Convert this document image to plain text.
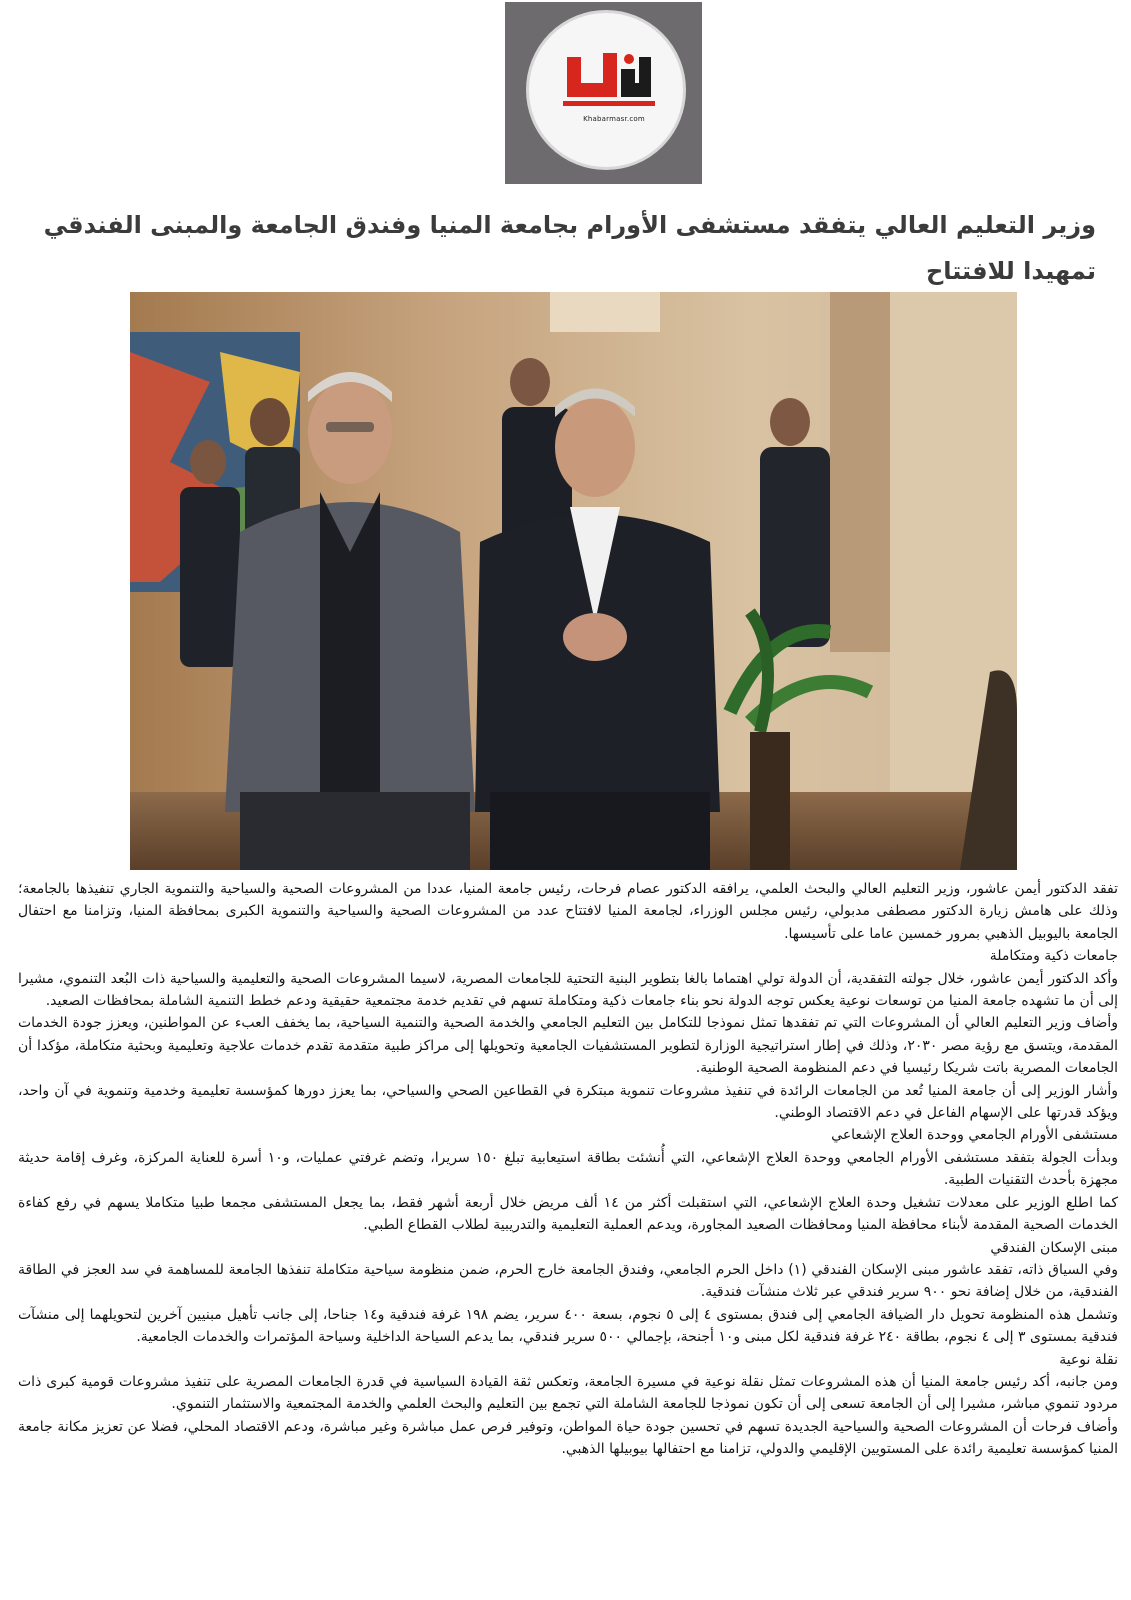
Khabarmasr.com
وزير التعليم العالي يتفقد مستشفى الأورام بجامعة المنيا وفندق الجامعة والمبنى الفندقي تمهيدا للافتتاح

تفقد الدكتور أيمن عاشور، وزير التعليم العالي والبحث العلمي، يرافقه الدكتور عصام فرحات، رئيس جامعة المنيا، عددا من المشروعات الصحية والسياحية والتنموية الجاري تنفيذها بالجامعة؛ وذلك على هامش زيارة الدكتور مصطفى مدبولي، رئيس مجلس الوزراء، لجامعة المنيا لافتتاح عدد من المشروعات الصحية والسياحية والتنموية الكبرى بمحافظة المنيا، وتزامنا مع احتفال الجامعة باليوبيل الذهبي بمرور خمسين عاما على تأسيسها.

جامعات ذكية ومتكاملة

وأكد الدكتور أيمن عاشور، خلال جولته التفقدية، أن الدولة تولي اهتماما بالغا بتطوير البنية التحتية للجامعات المصرية، لاسيما المشروعات الصحية والتعليمية والسياحية ذات البُعد التنموي، مشيرا إلى أن ما تشهده جامعة المنيا من توسعات نوعية يعكس توجه الدولة نحو بناء جامعات ذكية ومتكاملة تسهم في تقديم خدمة مجتمعية حقيقية ودعم خطط التنمية الشاملة بمحافظات الصعيد.

وأضاف وزير التعليم العالي أن المشروعات التي تم تفقدها تمثل نموذجا للتكامل بين التعليم الجامعي والخدمة الصحية والتنمية السياحية، بما يخفف العبء عن المواطنين، ويعزز جودة الخدمات المقدمة، ويتسق مع رؤية مصر ٢٠٣٠، وذلك في إطار استراتيجية الوزارة لتطوير المستشفيات الجامعية وتحويلها إلى مراكز طبية متقدمة تقدم خدمات علاجية وتعليمية وبحثية متكاملة، مؤكدا أن الجامعات المصرية باتت شريكا رئيسيا في دعم المنظومة الصحية الوطنية.

وأشار الوزير إلى أن جامعة المنيا تُعد من الجامعات الرائدة في تنفيذ مشروعات تنموية مبتكرة في القطاعين الصحي والسياحي، بما يعزز دورها كمؤسسة تعليمية وخدمية وتنموية في آن واحد، ويؤكد قدرتها على الإسهام الفاعل في دعم الاقتصاد الوطني.

مستشفى الأورام الجامعي ووحدة العلاج الإشعاعي

وبدأت الجولة بتفقد مستشفى الأورام الجامعي ووحدة العلاج الإشعاعي، التي أُنشئت بطاقة استيعابية تبلغ ١٥٠ سريرا، وتضم غرفتي عمليات، و١٠ أسرة للعناية المركزة، وغرف إقامة حديثة مجهزة بأحدث التقنيات الطبية.

كما اطلع الوزير على معدلات تشغيل وحدة العلاج الإشعاعي، التي استقبلت أكثر من ١٤ ألف مريض خلال أربعة أشهر فقط، بما يجعل المستشفى مجمعا طبيا متكاملا يسهم في رفع كفاءة الخدمات الصحية المقدمة لأبناء محافظة المنيا ومحافظات الصعيد المجاورة، ويدعم العملية التعليمية والتدريبية لطلاب القطاع الطبي.

مبنى الإسكان الفندقي

وفي السياق ذاته، تفقد عاشور مبنى الإسكان الفندقي (١) داخل الحرم الجامعي، وفندق الجامعة خارج الحرم، ضمن منظومة سياحية متكاملة تنفذها الجامعة للمساهمة في سد العجز في الطاقة الفندقية، من خلال إضافة نحو ٩٠٠ سرير فندقي عبر ثلاث منشآت فندقية.

وتشمل هذه المنظومة تحويل دار الضيافة الجامعي إلى فندق بمستوى ٤ إلى ٥ نجوم، بسعة ٤٠٠ سرير، يضم ١٩٨ غرفة فندقية و١٤ جناحا، إلى جانب تأهيل مبنيين آخرين لتحويلهما إلى منشآت فندقية بمستوى ٣ إلى ٤ نجوم، بطاقة ٢٤٠ غرفة فندقية لكل مبنى و١٠ أجنحة، بإجمالي ٥٠٠ سرير فندقي، بما يدعم السياحة الداخلية وسياحة المؤتمرات والخدمات الجامعية.

نقلة نوعية

ومن جانبه، أكد رئيس جامعة المنيا أن هذه المشروعات تمثل نقلة نوعية في مسيرة الجامعة، وتعكس ثقة القيادة السياسية في قدرة الجامعات المصرية على تنفيذ مشروعات قومية كبرى ذات مردود تنموي مباشر، مشيرا إلى أن الجامعة تسعى إلى أن تكون نموذجا للجامعة الشاملة التي تجمع بين التعليم والبحث العلمي والخدمة المجتمعية والاستثمار التنموي.

وأضاف فرحات أن المشروعات الصحية والسياحية الجديدة تسهم في تحسين جودة حياة المواطن، وتوفير فرص عمل مباشرة وغير مباشرة، ودعم الاقتصاد المحلي، فضلا عن تعزيز مكانة جامعة المنيا كمؤسسة تعليمية رائدة على المستويين الإقليمي والدولي، تزامنا مع احتفالها بيوبيلها الذهبي.
